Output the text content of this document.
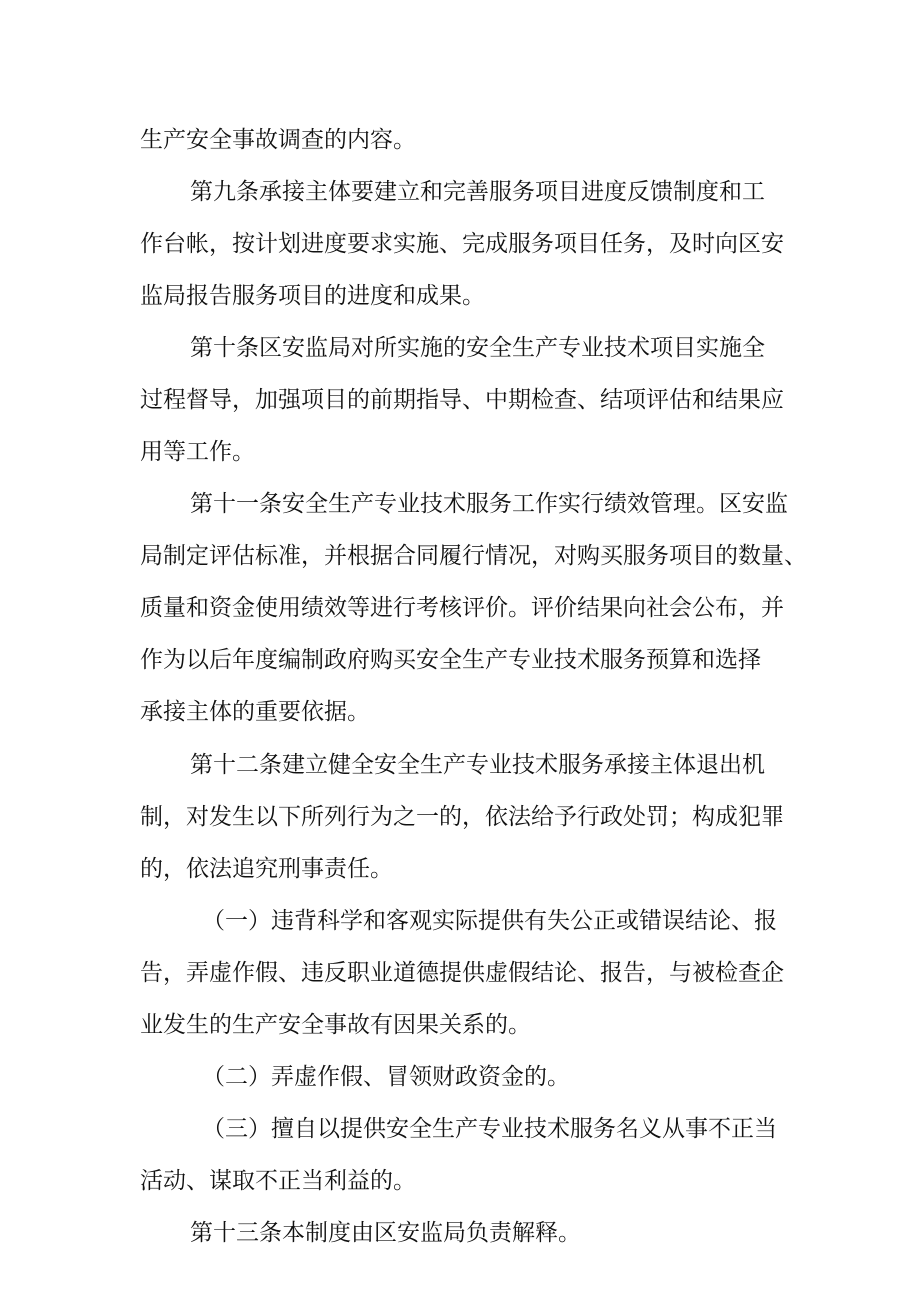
生产安全事故调查的内容。
第九条承接主体要建立和完善服务项目进度反馈制度和工
作台帐，按计划进度要求实施、完成服务项目任务，及时向区安
监局报告服务项目的进度和成果。
第十条区安监局对所实施的安全生产专业技术项目实施全
过程督导，加强项目的前期指导、中期检查、结项评估和结果应
用等工作。
第十一条安全生产专业技术服务工作实行绩效管理。区安监
局制定评估标准，并根据合同履行情况，对购买服务项目的数量、
质量和资金使用绩效等进行考核评价。评价结果向社会公布，并
作为以后年度编制政府购买安全生产专业技术服务预算和选择
承接主体的重要依据。
第十二条建立健全安全生产专业技术服务承接主体退出机
制，对发生以下所列行为之一的，依法给予行政处罚；构成犯罪
的，依法追究刑事责任。
（一）违背科学和客观实际提供有失公正或错误结论、报
告，弄虚作假、违反职业道德提供虚假结论、报告，与被检查企
业发生的生产安全事故有因果关系的。
（二）弄虚作假、冒领财政资金的。
（三）擅自以提供安全生产专业技术服务名义从事不正当
活动、谋取不正当利益的。
第十三条本制度由区安监局负责解释。
